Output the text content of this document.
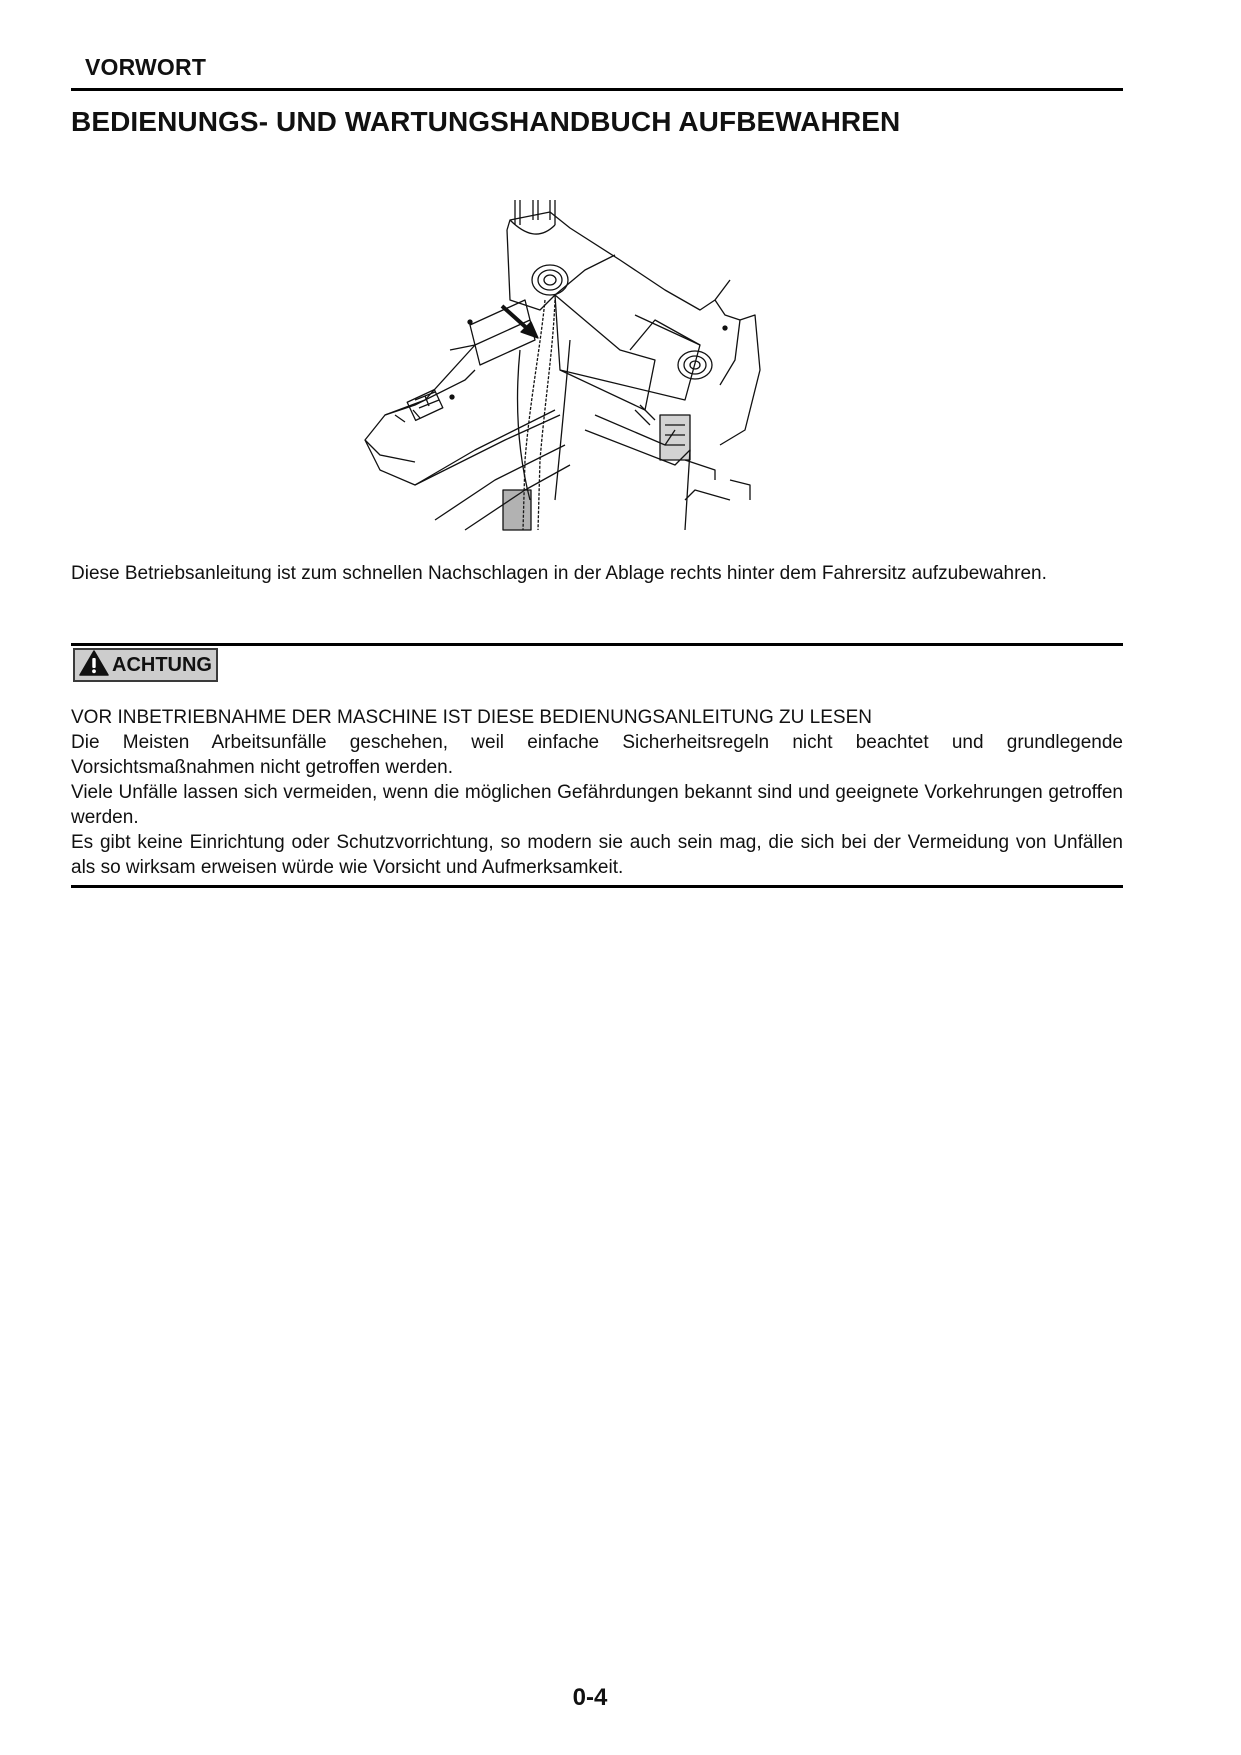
VORWORT
BEDIENUNGS- UND WARTUNGSHANDBUCH AUFBEWAHREN
Diese Betriebsanleitung ist zum schnellen Nachschlagen in der Ablage rechts hinter dem Fahrersitz aufzubewahren.
ACHTUNG

VOR INBETRIEBNAHME DER MASCHINE IST DIESE BEDIENUNGSANLEITUNG ZU LESEN

Die Meisten Arbeitsunfälle geschehen, weil einfache Sicherheitsregeln nicht beachtet und grundlegende Vorsichtsmaßnahmen nicht getroffen werden.

Viele Unfälle lassen sich vermeiden, wenn die möglichen Gefährdungen bekannt sind und geeignete Vorkehrungen getroffen werden.

Es gibt keine Einrichtung oder Schutzvorrichtung, so modern sie auch sein mag, die sich bei der Vermeidung von Unfällen als so wirksam erweisen würde wie Vorsicht und Aufmerksamkeit.

0-4
